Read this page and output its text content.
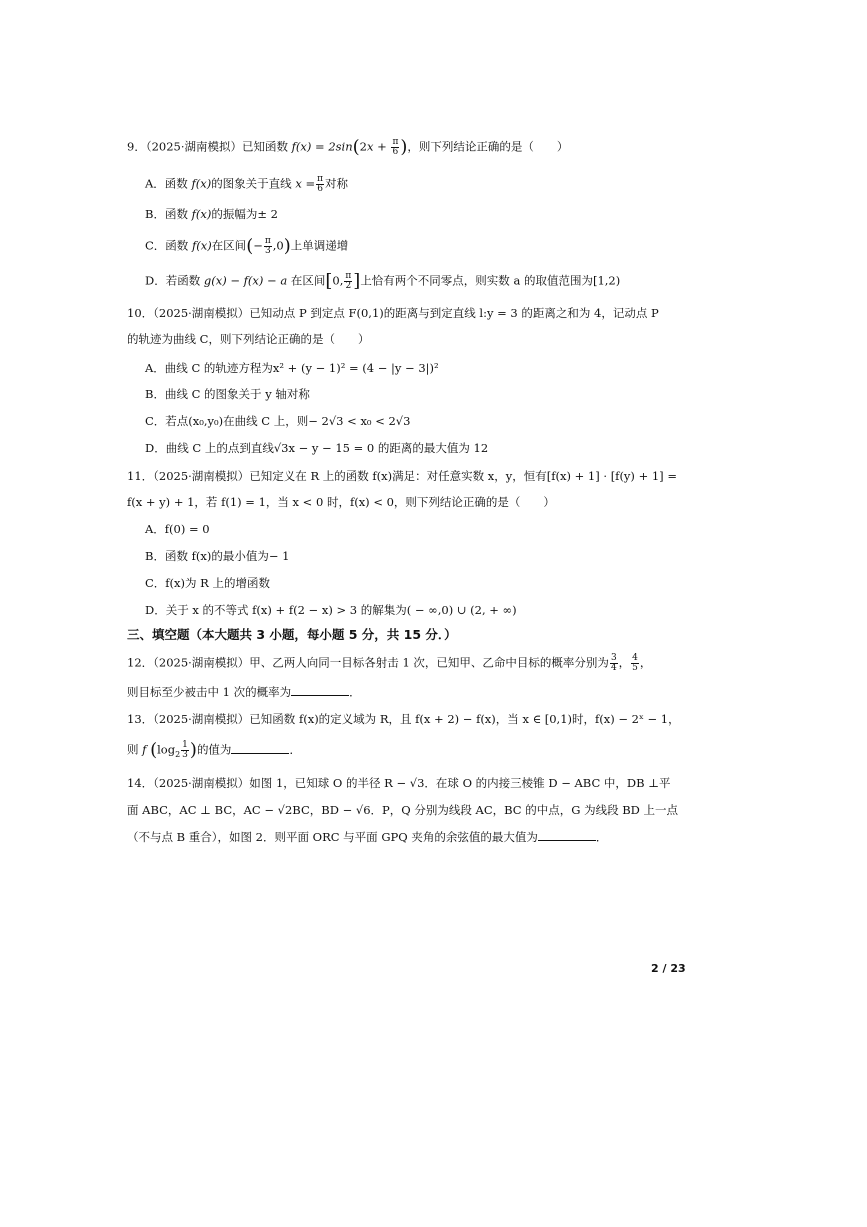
9．（2025·湖南模拟）已知函数 $f(x) = 2\sin(2x + \frac{\pi}{6}$ )，则下列结论正确的是（　　）
A．函数 f(x)的图象关于直线 $x = \frac{\pi}{6}$ 对称
B．函数 f(x)的振幅为± 2
C．函数 f(x)在区间(− $\frac{\pi}{3} ,0$)上单调递增
D．若函数 g(x) − f(x) − a 在区间[0, $\frac{\pi}{2}$ ]上恰有两个不同零点，则实数 a 的取值范围为[1,2)
10．（2025·湖南模拟）已知动点 P 到定点 F(0,1)的距离与到定直线 l:y = 3 的距离之和为 4，记动点 P
的轨迹为曲线 C，则下列结论正确的是（　　）
A．曲线 C 的轨迹方程为x² + (y − 1)² = (4 − |y − 3|)²
B．曲线 C 的图象关于 y 轴对称
C．若点(x₀,y₀)在曲线 C 上，则− 2√3 < x₀ < 2√3
D．曲线 C 上的点到直线√3x − y − 15 = 0 的距离的最大值为 12
11．（2025·湖南模拟）已知定义在 R 上的函数 f(x)满足：对任意实数 x，y，恒有[f(x) + 1] · [f(y) + 1] =
f(x + y) + 1，若 f(1) = 1，当 x < 0 时，f(x) < 0，则下列结论正确的是（　　）
A．f(0) = 0
B．函数 f(x)的最小值为− 1
C．f(x)为 R 上的增函数
D．关于 x 的不等式 f(x) + f(2 − x) > 3 的解集为( − ∞,0) ∪ (2, + ∞)
三、填空题（本大题共 3 小题，每小题 5 分，共 15 分．）
12．（2025·湖南模拟）甲、乙两人向同一目标各射击 1 次，已知甲、乙命中目标的概率分别为 $\frac{3}{4}$ ， $\frac{4}{5}$ ，
则目标至少被击中 1 次的概率为	．
13．（2025·湖南模拟）已知函数 f(x)的定义域为 R，且 f(x + 2) − f(x)，当 x ∈ [0,1)时，f(x) − 2ˣ − 1，
则 f ($\log_2 \frac{1}{3}$ )的值为	．
14．（2025·湖南模拟）如图 1，已知球 O 的半径 R − √3．在球 O 的内接三棱锥 D − ABC 中，DB ⊥平
面 ABC，AC ⊥ BC，AC − √2BC，BD − √6．P，Q 分别为线段 AC，BC 的中点，G 为线段 BD 上一点
（不与点 B 重合），如图 2．则平面 ORC 与平面 GPQ 夹角的余弦值的最大值为	．
2 / 23
